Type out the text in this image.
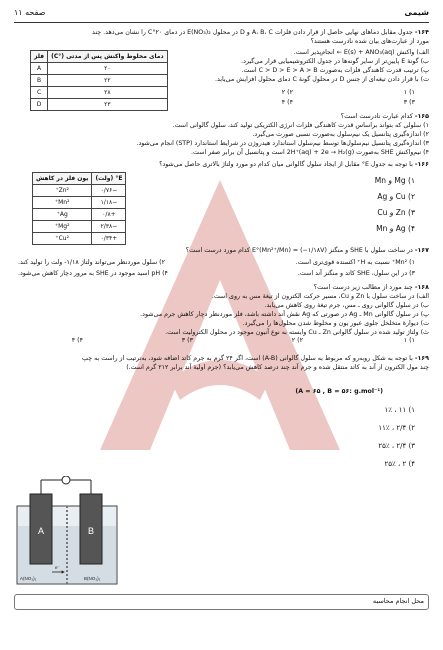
شیمی
صفحه ۱۱
۱۶۴- جدول مقابل دماهای نهایی حاصل از قرار دادن فلزات A، B، C و D در محلول E(NO₃)₂ در دمای ۲۰°C را نشان می‌دهد. چند
مورد از عبارت‌های بیان شده نادرست هستند؟
دمای مخلوط واکنش پس از مدتی (°C)	فلز
۲۰	A
۲۲	B
۲۸	C
۲۳	D
الف) واکنش E(s) + ANO₃(aq) ← انجام‌پذیر است.
ب) گونهٔ E پایین‌تر از سایر گونه‌ها در جدول الکتروشیمیایی قرار می‌گیرد.
پ) ترتیب قدرت کاهندگی فلزات به‌صورت C > D > E > A > B است.
ت) با قرار دادن تیغه‌ای از جنس D در محلول گونهٔ C دمای محلول افزایش می‌یابد.
۱) ۱
۲) ۲
۳) ۳
۴) ۴
۱۶۵- کدام عبارت نادرست است؟
۱) سلولی که بتواند براساس قدرت کاهندگی فلزات انرژی الکتریکی تولید کند، سلول گالوانی است.
۲) اندازه‌گیری پتانسیل یک نیم‌سلول به‌صورت نسبی صورت می‌گیرد.
۳) اندازه‌گیری پتانسیل نیم‌سلول‌ها توسط نیم‌سلول استاندارد هیدروژن در شرایط استاندارد (STP) انجام می‌شود.
۴) نیم‌واکنش SHE به‌صورت 2H⁺(aq) + 2e → H₂(g) است و پتانسیل آن برابر صفر است.
۱۶۶- با توجه به جدول E° مقابل از ایجاد سلول گالوانی میان کدام دو مورد ولتاژ بالاتری حاصل می‌شود؟
E° (ولت)	یون فلز در کاهش
−۰/۷۶	Zn²⁺
−۱/۱۸	Mn²⁺
+۰/۸	Ag⁺
−۲/۳۸	Mg²⁺
+۰/۳۴	Cu²⁺
۱) Mg و Mn
۲) Cu و Ag
۳) Zn و Cu
۴) Ag و Mn
۱۶۷- در ساخت سلول با SHE و منگنز E°(Mn²⁺/Mn) = (−۱/۱۸V) کدام مورد درست است؟
۱) Mn²⁺ نسبت به H⁺ اکسنده قوی‌تری است.
۲) سلول موردنظر می‌تواند ولتاژ ۱/۱۸- ولت را تولید کند.
۳) در این سلول، SHE کاتد و منگنز آند است.
۴) pH اسید موجود در SHE به مرور دچار کاهش می‌شود.
۱۶۸- چند مورد از مطالب زیر درست است؟
الف) در ساخت سلول با Zn و Cu، مسیر حرکت الکترون از تیغهٔ مس به روی است.
ب) در سلول گالوانی روی ـ مس، جرم تیغهٔ روی کاهش می‌یابد.
پ) در سلول گالوانی Mn ـ Ag در صورتی که Ag نقش آند داشته باشد، فلز موردنظر دچار کاهش جرم می‌شود.
ت) دیوارهٔ متخلخل جلوی عبور یون و مخلوط شدن محلول‌ها را می‌گیرد.
ث) ولتاژ تولید شده در سلول گالوانی Zn ـ Cu وابسته به نوع آنیون موجود در محلول الکترولیت است.
۱) ۱
۲) ۲
۳) ۳
۴) ۴
۱۶۹- با توجه به شکل روبه‌رو که مربوط به سلول گالوانی (A-B) است، اگر ۲۴ گرم به جرم کاتد اضافه شود، به‌ترتیب از راست به چپ
چند مول الکترون از آند به کاتد منتقل شده و جرم آند چند درصد کاهش می‌یابد؟ (جرم اولیهٔ آند برابر ۲۱۲ گرم است.)
(A = ۶۵ , B = ۵۶: g.mol⁻¹)
۱) ۱۱ ، ۱٪
۲) ۲/۴ ، ۱۱٪
۳) ۲/۴ ، ۲۵٪
۴) ۲ ، ۲۵٪
A	B
A(NO₃)₂	B(NO₃)₂
e⁻
محل انجام محاسبه
